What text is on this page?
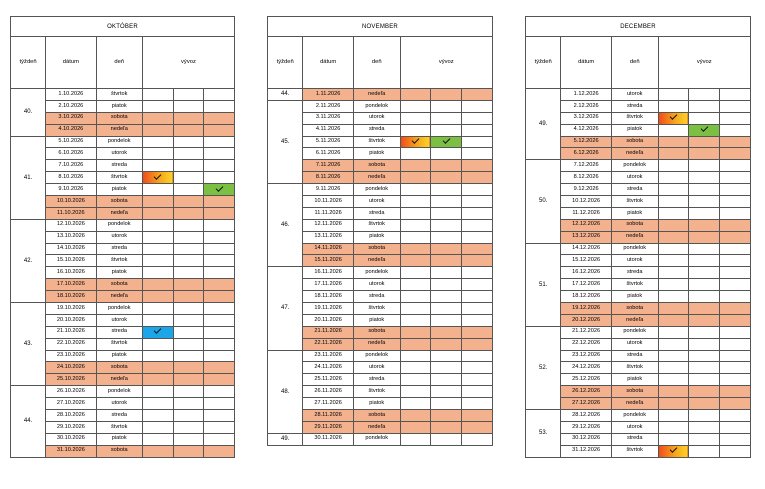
OKTÓBER					
týždeň	dátum	deň	vývoz		
40.	1.10.2026	štvrtok			
	2.10.2026	piatok			
	3.10.2026	sobota			
	4.10.2026	nedeľa			
41.	5.10.2026	pondelok			
	6.10.2026	utorok			
	7.10.2026	streda			
	8.10.2026	štvrtok			
	9.10.2026	piatok			
	10.10.2026	sobota			
	11.10.2026	nedeľa			
42.	12.10.2026	pondelok			
	13.10.2026	utorok			
	14.10.2026	streda			
	15.10.2026	štvrtok			
	16.10.2026	piatok			
	17.10.2026	sobota			
	18.10.2026	nedeľa			
43.	19.10.2026	pondelok			
	20.10.2026	utorok			
	21.10.2026	streda			
	22.10.2026	štvrtok			
	23.10.2026	piatok			
	24.10.2026	sobota			
	25.10.2026	nedeľa			
44.	26.10.2026	pondelok			
	27.10.2026	utorok			
	28.10.2026	streda			
	29.10.2026	štvrtok			
	30.10.2026	piatok			
	31.10.2026	sobota			
NOVEMBER					
týždeň	dátum	deň	vývoz		
44.	1.11.2026	nedeľa			
45.	2.11.2026	pondelok			
	3.11.2026	utorok			
	4.11.2026	streda			
	5.11.2026	štvrtok			
	6.11.2026	piatok			
	7.11.2026	sobota			
	8.11.2026	nedeľa			
46.	9.11.2026	pondelok			
	10.11.2026	utorok			
	11.11.2026	streda			
	12.11.2026	štvrtok			
	13.11.2026	piatok			
	14.11.2026	sobota			
	15.11.2026	nedeľa			
47.	16.11.2026	pondelok			
	17.11.2026	utorok			
	18.11.2026	streda			
	19.11.2026	štvrtok			
	20.11.2026	piatok			
	21.11.2026	sobota			
	22.11.2026	nedeľa			
48.	23.11.2026	pondelok			
	24.11.2026	utorok			
	25.11.2026	streda			
	26.11.2026	štvrtok			
	27.11.2026	piatok			
	28.11.2026	sobota			
	29.11.2026	nedeľa			
49.	30.11.2026	pondelok			
DECEMBER					
týždeň	dátum	deň	vývoz		
49.	1.12.2026	utorok			
	2.12.2026	streda			
	3.12.2026	štvrtok			
	4.12.2026	piatok			
	5.12.2026	sobota			
	6.12.2026	nedeľa			
50.	7.12.2026	pondelok			
	8.12.2026	utorok			
	9.12.2026	streda			
	10.12.2026	štvrtok			
	11.12.2026	piatok			
	12.12.2026	sobota			
	13.12.2026	nedeľa			
51.	14.12.2026	pondelok			
	15.12.2026	utorok			
	16.12.2026	streda			
	17.12.2026	štvrtok			
	18.12.2026	piatok			
	19.12.2026	sobota			
	20.12.2026	nedeľa			
52.	21.12.2026	pondelok			
	22.12.2026	utorok			
	23.12.2026	streda			
	24.12.2026	štvrtok			
	25.12.2026	piatok			
	26.12.2026	sobota			
	27.12.2026	nedeľa			
53.	28.12.2026	pondelok			
	29.12.2026	utorok			
	30.12.2026	streda			
	31.12.2026	štvrtok			
